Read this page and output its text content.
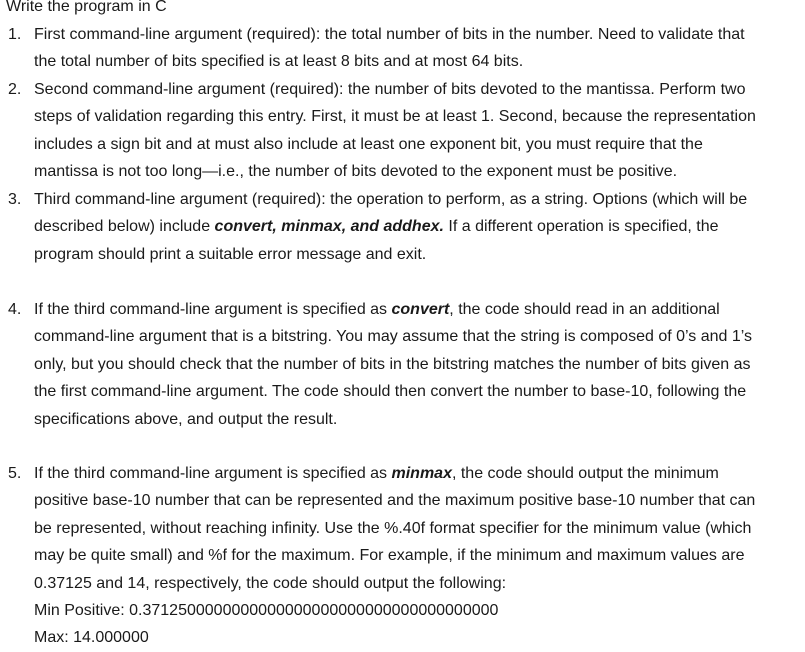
Write the program in C
1. First command-line argument (required): the total number of bits in the number. Need to validate that
the total number of bits specified is at least 8 bits and at most 64 bits.
2. Second command-line argument (required): the number of bits devoted to the mantissa. Perform two
steps of validation regarding this entry. First, it must be at least 1. Second, because the representation
includes a sign bit and at must also include at least one exponent bit, you must require that the
mantissa is not too long—i.e., the number of bits devoted to the exponent must be positive.
3. Third command-line argument (required): the operation to perform, as a string. Options (which will be
described below) include convert, minmax, and addhex. If a different operation is specified, the
program should print a suitable error message and exit.
4. If the third command-line argument is specified as convert, the code should read in an additional
command-line argument that is a bitstring. You may assume that the string is composed of 0’s and 1’s
only, but you should check that the number of bits in the bitstring matches the number of bits given as
the first command-line argument. The code should then convert the number to base-10, following the
specifications above, and output the result.
5. If the third command-line argument is specified as minmax, the code should output the minimum
positive base-10 number that can be represented and the maximum positive base-10 number that can
be represented, without reaching infinity. Use the %.40f format specifier for the minimum value (which
may be quite small) and %f for the maximum. For example, if the minimum and maximum values are
0.37125 and 14, respectively, the code should output the following:
Min Positive: 0.3712500000000000000000000000000000000000
Max: 14.000000
